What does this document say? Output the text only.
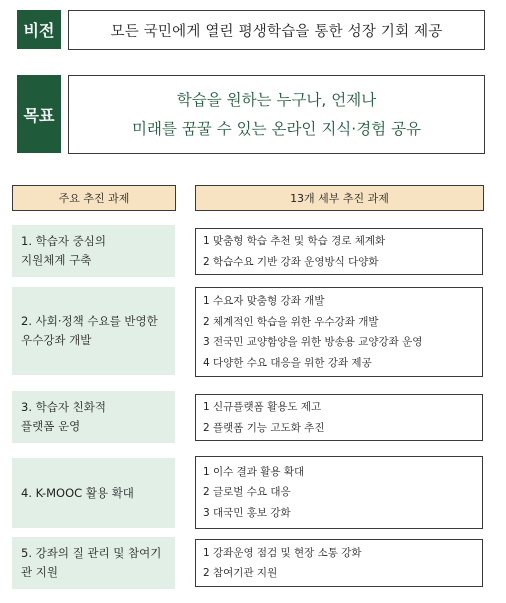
비전	모든 국민에게 열린 평생학습을 통한 성장 기회 제공
목표
학습을 원하는 누구나, 언제나
미래를 꿈꿀 수 있는 온라인 지식·경험 공유
주요 추진 과제	13개 세부 추진 과제
1. 학습자 중심의
지원체계 구축
1 맞춤형 학습 추천 및 학습 경로 체계화
2 학습수요 기반 강좌 운영방식 다양화
2. 사회·정책 수요를 반영한
우수강좌 개발
1 수요자 맞춤형 강좌 개발
2 체계적인 학습을 위한 우수강좌 개발
3 전국민 교양함양을 위한 방송용 교양강좌 운영
4 다양한 수요 대응을 위한 강좌 제공
3. 학습자 친화적
플랫폼 운영
1 신규플랫폼 활용도 제고
2 플랫폼 기능 고도화 추진
4. K-MOOC 활용 확대
1 이수 결과 활용 확대
2 글로벌 수요 대응
3 대국민 홍보 강화
5. 강좌의 질 관리 및 참여기
관 지원
1 강좌운영 점검 및 현장 소통 강화
2 참여기관 지원
